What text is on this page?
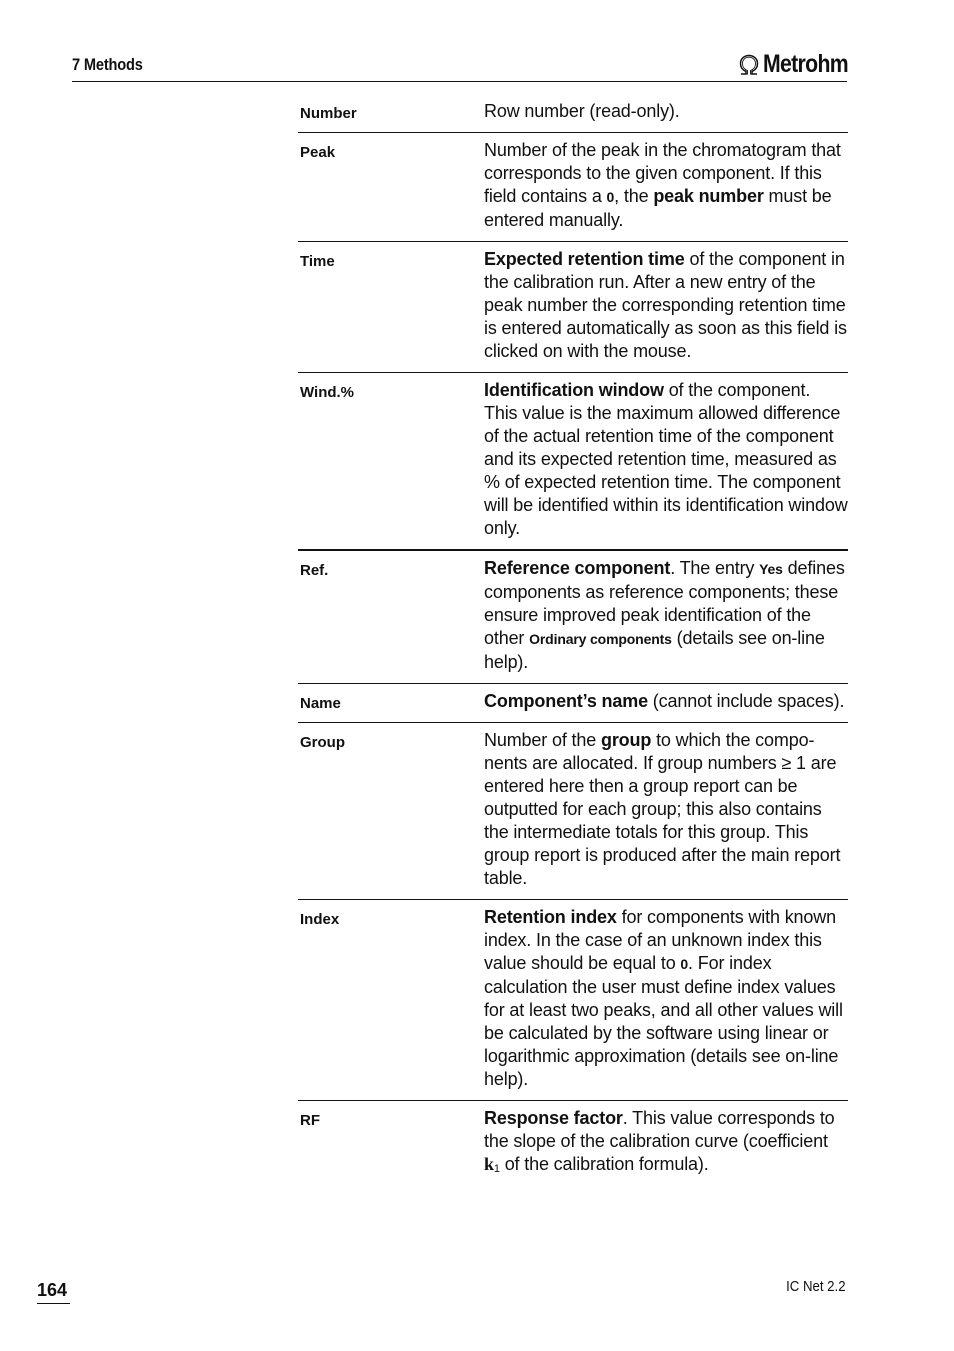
7 Methods	Metrohm
Number	Row number (read-only).
Peak	Number of the peak in the chromatogram that corresponds to the given component. If this field contains a 0, the peak number must be entered manually.
Time	Expected retention time of the component in the calibration run. After a new entry of the peak number the corresponding retention time is entered automatically as soon as this field is clicked on with the mouse.
Wind.%	Identification window of the component. This value is the maximum allowed difference of the actual retention time of the component and its expected retention time, measured as % of expected retention time. The component will be identified within its identification window only.
Ref.	Reference component. The entry Yes defines components as reference components; these ensure improved peak identification of the other Ordinary components (details see on-line help).
Name	Component’s name (cannot include spaces).
Group	Number of the group to which the components are allocated. If group numbers ≥ 1 are entered here then a group report can be outputted for each group; this also contains the intermediate totals for this group. This group report is produced after the main report table.
Index	Retention index for components with known index. In the case of an unknown index this value should be equal to 0. For index calculation the user must define index values for at least two peaks, and all other values will be calculated by the software using linear or logarithmic approximation (details see on-line help).
RF	Response factor. This value corresponds to the slope of the calibration curve (coefficient $k_1$ of the calibration formula).
164	IC Net 2.2
